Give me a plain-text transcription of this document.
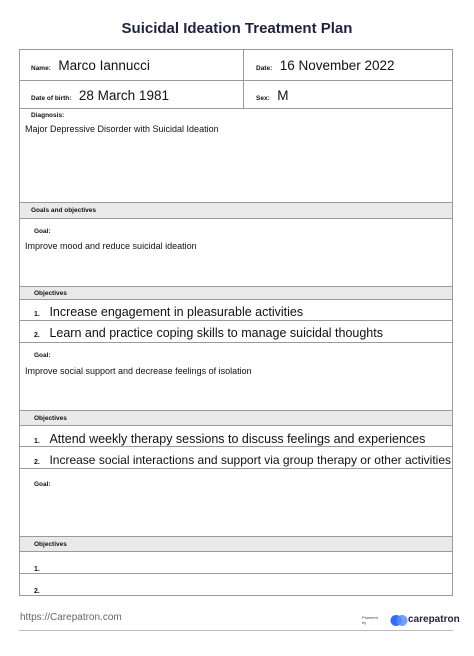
Suicidal Ideation Treatment Plan
Name: Marco Iannucci	Date: 16 November 2022
Date of birth: 28 March 1981	Sex: M
Diagnosis:
Major Depressive Disorder with Suicidal Ideation
Goals and objectives
Goal:
Improve mood and reduce suicidal ideation
Objectives
1. Increase engagement in pleasurable activities
2. Learn and practice coping skills to manage suicidal thoughts
Goal:
Improve social support and decrease feelings of isolation
Objectives
1. Attend weekly therapy sessions to discuss feelings and experiences
2. Increase social interactions and support via group therapy or other activities
Goal:
Objectives
1.
2.
https://Carepatron.com	Powered by	carepatron
